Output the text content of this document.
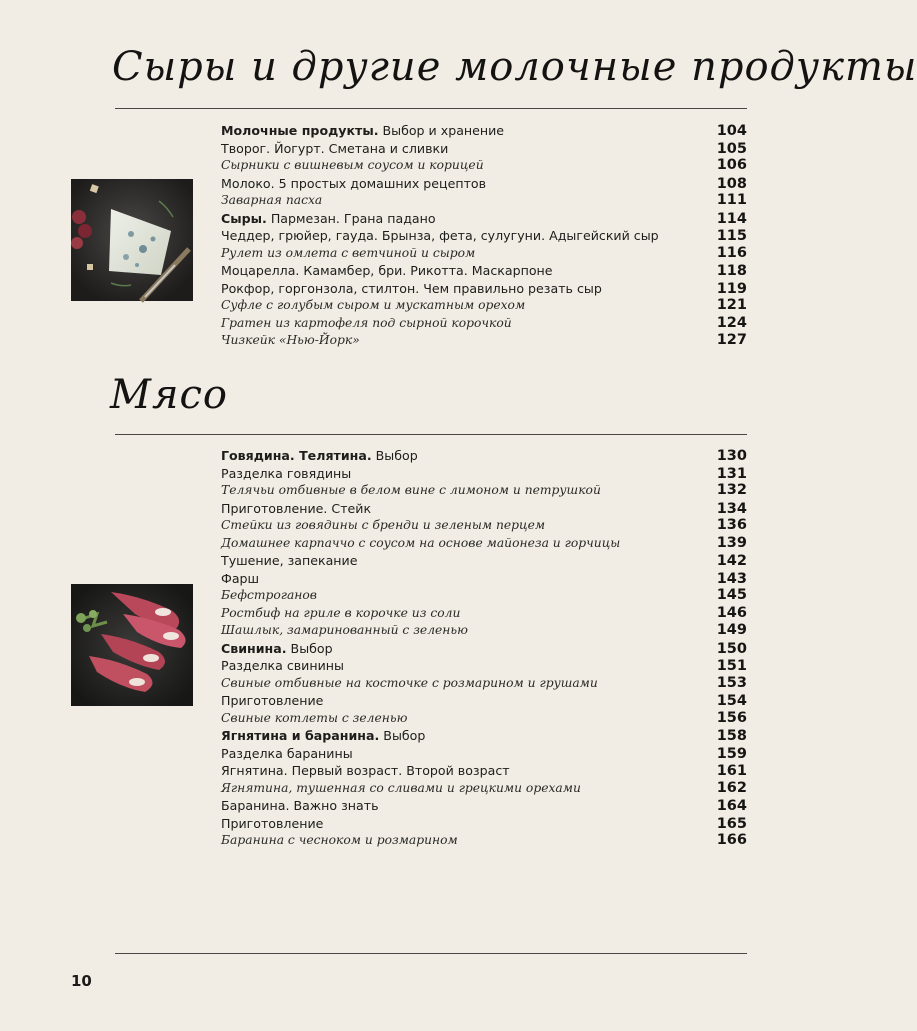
Сыры и другие молочные продукты
Молочные продукты. Выбор и хранение	104
Творог. Йогурт. Сметана и сливки	105
Сырники с вишневым соусом и корицей	106
Молоко. 5 простых домашних рецептов	108
Заварная пасха	111
Сыры. Пармезан. Грана падано	114
Чеддер, грюйер, гауда. Брынза, фета, сулугуни. Адыгейский сыр	115
Рулет из омлета с ветчиной и сыром	116
Моцарелла. Камамбер, бри. Рикотта. Маскарпоне	118
Рокфор, горгонзола, стилтон. Чем правильно резать сыр	119
Суфле с голубым сыром и мускатным орехом	121
Гратен из картофеля под сырной корочкой	124
Чизкейк «Нью-Йорк»	127
Мясо
Говядина. Телятина. Выбор	130
Разделка говядины	131
Телячьи отбивные в белом вине с лимоном и петрушкой	132
Приготовление. Стейк	134
Стейки из говядины с бренди и зеленым перцем	136
Домашнее карпаччо с соусом на основе майонеза и горчицы	139
Тушение, запекание	142
Фарш	143
Бефстроганов	145
Ростбиф на гриле в корочке из соли	146
Шашлык, замаринованный с зеленью	149
Свинина. Выбор	150
Разделка свинины	151
Свиные отбивные на косточке с розмарином и грушами	153
Приготовление	154
Свиные котлеты с зеленью	156
Ягнятина и баранина. Выбор	158
Разделка баранины	159
Ягнятина. Первый возраст. Второй возраст	161
Ягнятина, тушенная со сливами и грецкими орехами	162
Баранина. Важно знать	164
Приготовление	165
Баранина с чесноком и розмарином	166
10
